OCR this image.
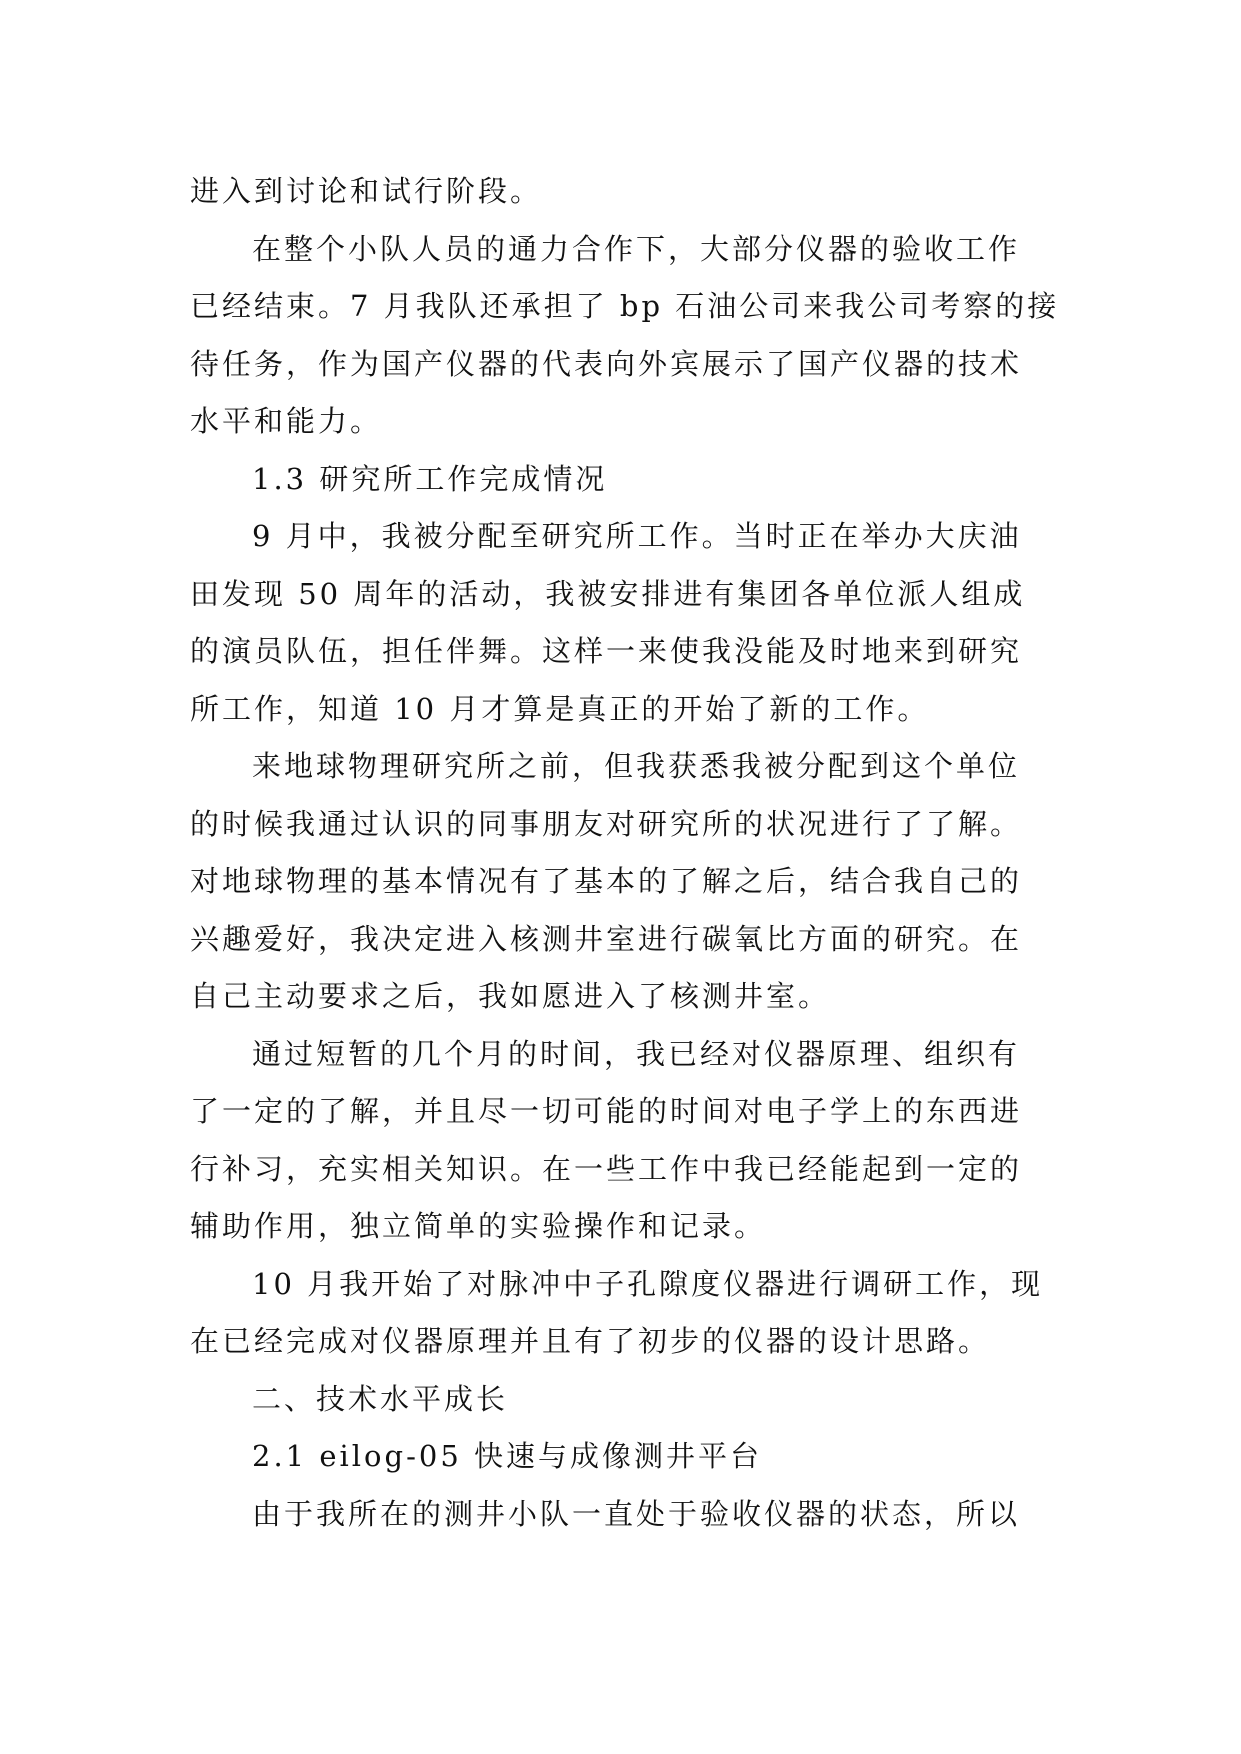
进入到讨论和试行阶段。
在整个小队人员的通力合作下，大部分仪器的验收工作
已经结束。7 月我队还承担了 bp 石油公司来我公司考察的接
待任务，作为国产仪器的代表向外宾展示了国产仪器的技术
水平和能力。
1.3 研究所工作完成情况
9 月中，我被分配至研究所工作。当时正在举办大庆油
田发现 50 周年的活动，我被安排进有集团各单位派人组成
的演员队伍，担任伴舞。这样一来使我没能及时地来到研究
所工作，知道 10 月才算是真正的开始了新的工作。
来地球物理研究所之前，但我获悉我被分配到这个单位
的时候我通过认识的同事朋友对研究所的状况进行了了解。
对地球物理的基本情况有了基本的了解之后，结合我自己的
兴趣爱好，我决定进入核测井室进行碳氧比方面的研究。在
自己主动要求之后，我如愿进入了核测井室。
通过短暂的几个月的时间，我已经对仪器原理、组织有
了一定的了解，并且尽一切可能的时间对电子学上的东西进
行补习，充实相关知识。在一些工作中我已经能起到一定的
辅助作用，独立简单的实验操作和记录。
10 月我开始了对脉冲中子孔隙度仪器进行调研工作，现
在已经完成对仪器原理并且有了初步的仪器的设计思路。
二、技术水平成长
2.1 eilog-05 快速与成像测井平台
由于我所在的测井小队一直处于验收仪器的状态，所以
